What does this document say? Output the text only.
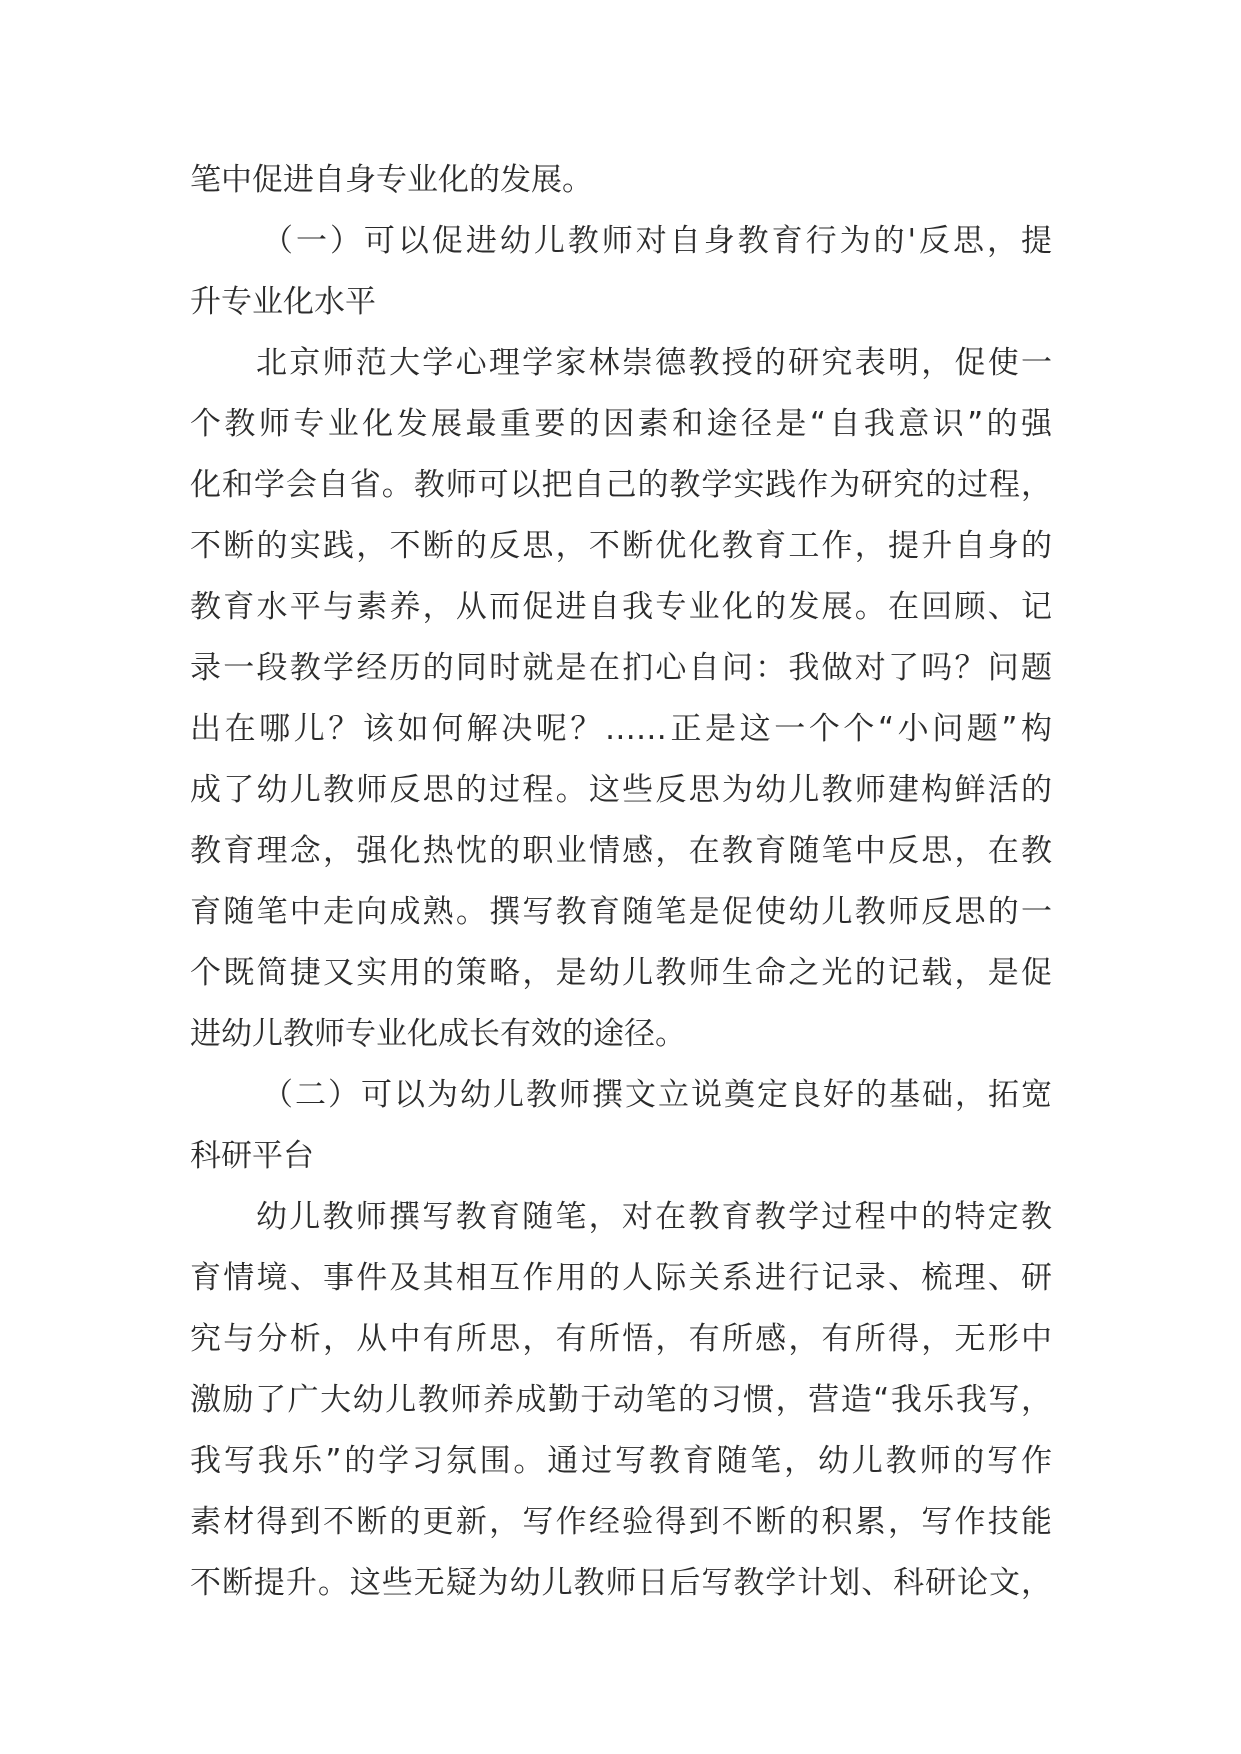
笔中促进自身专业化的发展。
（一）可以促进幼儿教师对自身教育行为的'反思，提
升专业化水平
北京师范大学心理学家林崇德教授的研究表明，促使一
个教师专业化发展最重要的因素和途径是“自我意识”的强
化和学会自省。教师可以把自己的教学实践作为研究的过程，
不断的实践，不断的反思，不断优化教育工作，提升自身的
教育水平与素养，从而促进自我专业化的发展。在回顾、记
录一段教学经历的同时就是在扪心自问：我做对了吗？问题
出在哪儿？该如何解决呢？……正是这一个个“小问题”构
成了幼儿教师反思的过程。这些反思为幼儿教师建构鲜活的
教育理念，强化热忱的职业情感，在教育随笔中反思，在教
育随笔中走向成熟。撰写教育随笔是促使幼儿教师反思的一
个既简捷又实用的策略，是幼儿教师生命之光的记载，是促
进幼儿教师专业化成长有效的途径。
（二）可以为幼儿教师撰文立说奠定良好的基础，拓宽
科研平台
幼儿教师撰写教育随笔，对在教育教学过程中的特定教
育情境、事件及其相互作用的人际关系进行记录、梳理、研
究与分析，从中有所思，有所悟，有所感，有所得，无形中
激励了广大幼儿教师养成勤于动笔的习惯，营造“我乐我写，
我写我乐”的学习氛围。通过写教育随笔，幼儿教师的写作
素材得到不断的更新，写作经验得到不断的积累，写作技能
不断提升。这些无疑为幼儿教师日后写教学计划、科研论文，
